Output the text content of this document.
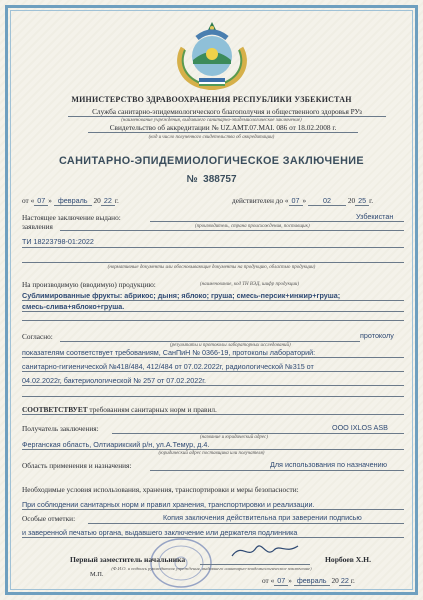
МИНИСТЕРСТВО ЗДРАВООХРАНЕНИЯ РЕСПУБЛИКИ УЗБЕКИСТАН
Служба санитарно-эпидемиологического благополучия и общественного здоровья РУз
(наименование учреждения, выдавшего санитарно-эпидемиологическое заключение)
Свидетельство об аккредитации № UZ.AMT.07.MAI. 086 от 18.02.2008 г.
(код и число полученного свидетельства об аккредитации)
САНИТАРНО-ЭПИДЕМИОЛОГИЧЕСКОЕ ЗАКЛЮЧЕНИЕ
№ 388757
от « 07 » февраль 20 22 г.	действителен до « 07 » 02 20 25 г.
Настоящее заключение выдано:	Узбекистан
заявления	(производитель, страна происхождения, поставщик)
ТИ 18223798-01:2022
(нормативные документы или обосновывающие документы на продукцию, областью продукции)
На производимую (вводимую) продукцию:	(наименование, код ТН ВЭД, шифр продукции)
Сублимированные фрукты: абрикос; дыня; яблоко; груша; смесь-персик+инжир+груша;
смесь-слива+яблоко+груша.
Согласно:	протоколу
(результаты и протоколы лабораторных исследований)
показателям соответствует требованиям, СанПиН № 0366-19, протоколы лабораторий:
санитарно-гигиенической №418/484, 412/484 от 07.02.2022г, радиологической №315 от
04.02.2022г, бактериологической № 257 от 07.02.2022г.
СООТВЕТСТВУЕТ требованиям санитарных норм и правил.
Получатель заключения:	ООО IXLOS ASB
(название и юридический адрес)
Ферганская область, Олтиарикский р/н, ул.А.Темур, д.4.
(юридический адрес поставщика или получателя)
Область применения и назначения:	Для использования по назначению
Необходимые условия использования, хранения, транспортировки и меры безопасности:
При соблюдении санитарных норм и правил хранения, транспортировки и реализации.
Особые отметки:	Копия заключения действительна при заверении подписью
и заверенной печатью органа, выдавшего заключение или держателя подлинника
Первый заместитель начальника	Норбоев Х.Н.
(Ф.И.О. и подпись руководителя учреждения, выдавшего санитарно-эпидемиологическое заключение)
М.П.
от « 07 » февраль 20 22 г.
